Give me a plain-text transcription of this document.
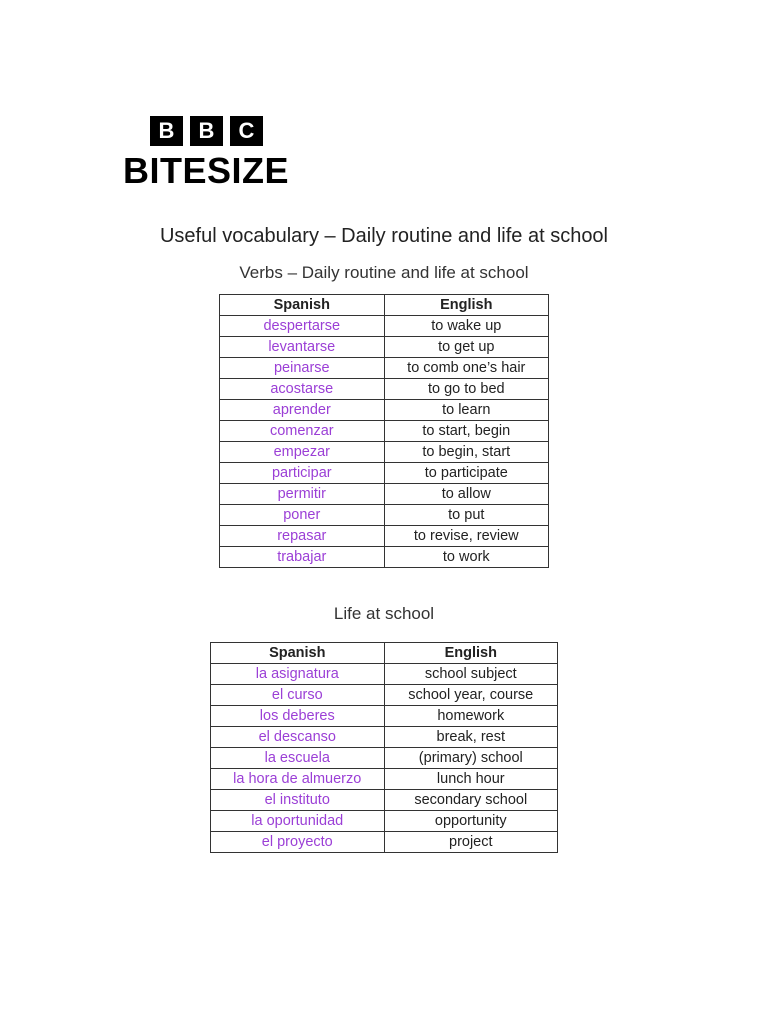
B	B	C
BITESIZE
Useful vocabulary – Daily routine and life at school
Verbs – Daily routine and life at school
Spanish	English
despertarse	to wake up
levantarse	to get up
peinarse	to comb one’s hair
acostarse	to go to bed
aprender	to learn
comenzar	to start, begin
empezar	to begin, start
participar	to participate
permitir	to allow
poner	to put
repasar	to revise, review
trabajar	to work
Life at school
Spanish	English
la asignatura	school subject
el curso	school year, course
los deberes	homework
el descanso	break, rest
la escuela	(primary) school
la hora de almuerzo	lunch hour
el instituto	secondary school
la oportunidad	opportunity
el proyecto	project
